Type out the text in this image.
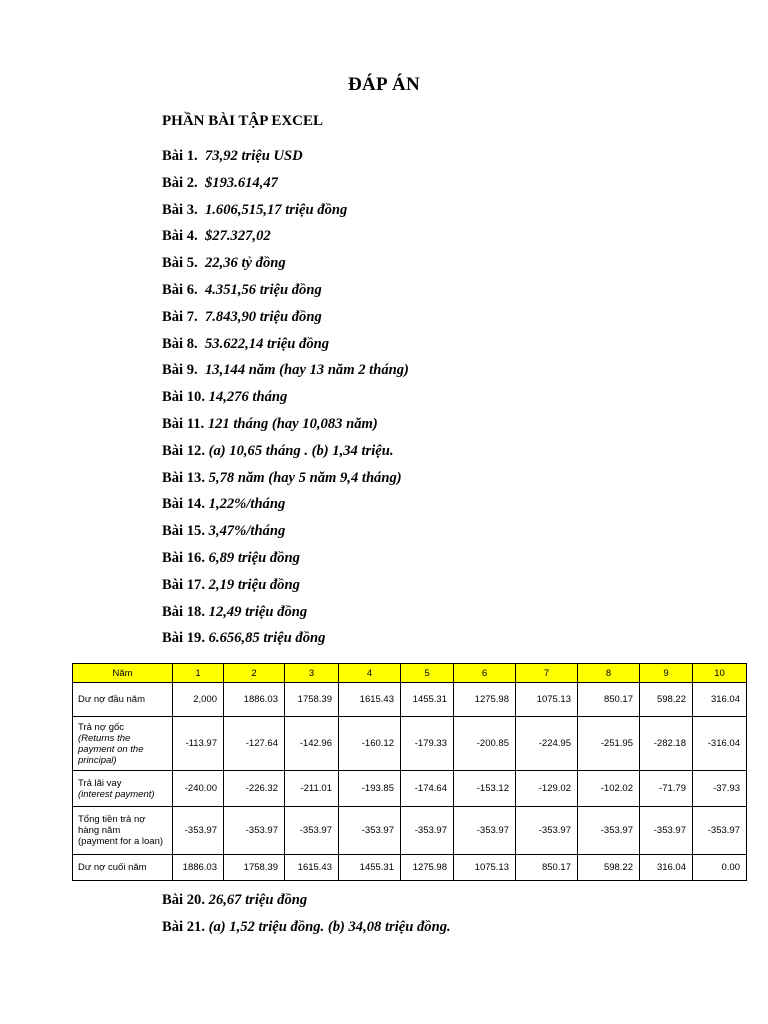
ĐÁP ÁN
PHẦN BÀI TẬP EXCEL
Bài 1. 73,92 triệu USD
Bài 2. $193.614,47
Bài 3. 1.606,515,17 triệu đồng
Bài 4. $27.327,02
Bài 5. 22,36 tỷ đồng
Bài 6. 4.351,56 triệu đồng
Bài 7. 7.843,90 triệu đồng
Bài 8. 53.622,14 triệu đồng
Bài 9. 13,144 năm (hay 13 năm 2 tháng)
Bài 10. 14,276 tháng
Bài 11. 121 tháng (hay 10,083 năm)
Bài 12. (a) 10,65 tháng . (b) 1,34 triệu.
Bài 13. 5,78 năm (hay 5 năm 9,4 tháng)
Bài 14. 1,22%/tháng
Bài 15. 3,47%/tháng
Bài 16. 6,89 triệu đồng
Bài 17. 2,19 triệu đồng
Bài 18. 12,49 triệu đồng
Bài 19. 6.656,85 triệu đồng
Năm	1	2	3	4	5	6	7	8	9	10
Dư nợ đầu năm	2,000	1886.03	1758.39	1615.43	1455.31	1275.98	1075.13	850.17	598.22	316.04
Trả nợ gốc
(Returns the payment on the principal)	-113.97	-127.64	-142.96	-160.12	-179.33	-200.85	-224.95	-251.95	-282.18	-316.04
Trả lãi vay
(interest payment)	-240.00	-226.32	-211.01	-193.85	-174.64	-153.12	-129.02	-102.02	-71.79	-37.93
Tổng tiền trả nợ hàng năm
(payment for a loan)	-353.97	-353.97	-353.97	-353.97	-353.97	-353.97	-353.97	-353.97	-353.97	-353.97
Dư nợ cuối năm	1886.03	1758.39	1615.43	1455.31	1275.98	1075.13	850.17	598.22	316.04	0.00
Bài 20. 26,67 triệu đồng
Bài 21. (a) 1,52 triệu đồng. (b) 34,08 triệu đồng.
